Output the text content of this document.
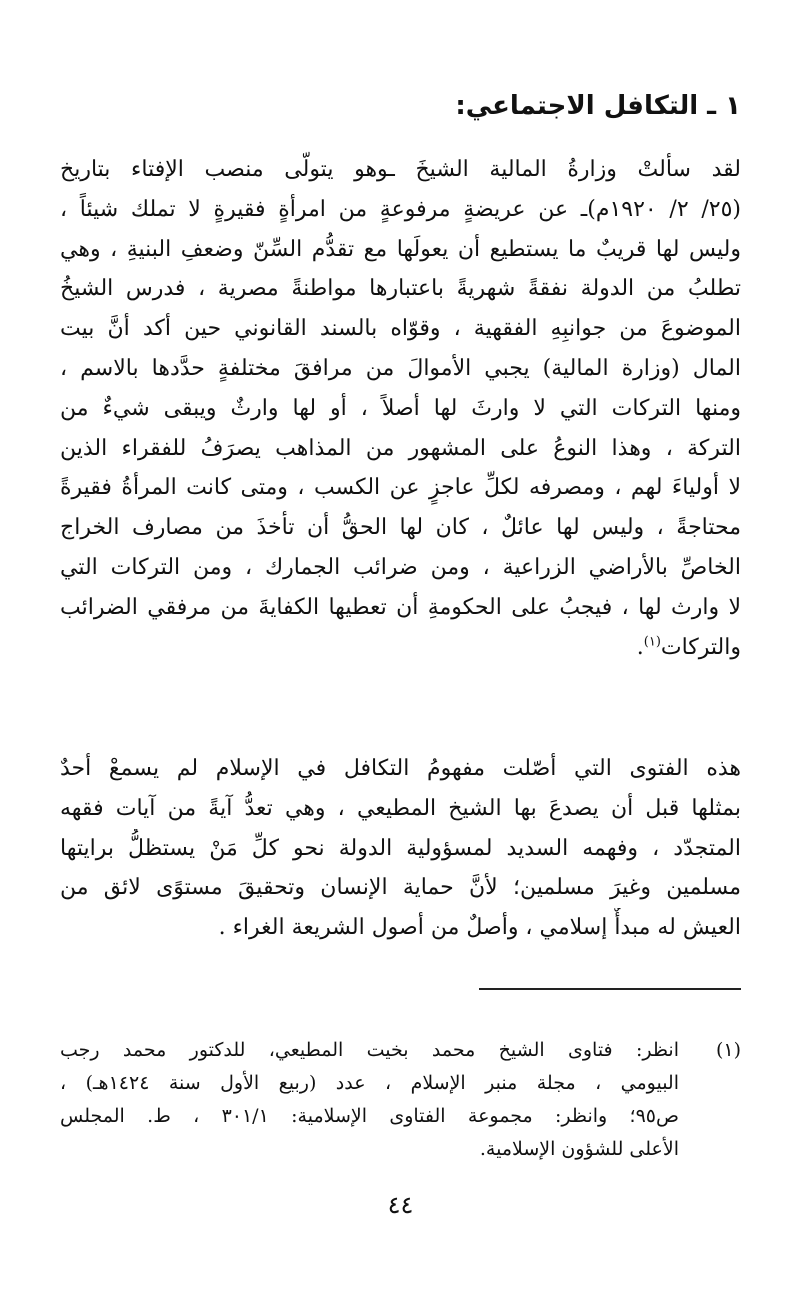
١ ـ التكافل الاجتماعي:
لقد سألتْ وزارةُ المالية الشيخَ ـوهو يتولّى منصب الإفتاء بتاريخ
(٢٥/ ٢/ ١٩٢٠م)ـ عن عريضةٍ مرفوعةٍ من امرأةٍ فقيرةٍ لا تملك شيئاً ،
وليس لها قريبٌ ما يستطيع أن يعولَها مع تقدُّم السِّنّ وضعفِ البنيةِ ، وهي
تطلبُ من الدولة نفقةً شهريةً باعتبارها مواطنةً مصرية ، فدرس الشيخُ
الموضوعَ من جوانبِهِ الفقهية ، وقوّاه بالسند القانوني حين أكد أنَّ بيت
المال (وزارة المالية) يجبي الأموالَ من مرافقَ مختلفةٍ حدَّدها بالاسم ،
ومنها التركات التي لا وارثَ لها أصلاً ، أو لها وارثٌ ويبقى شيءٌ من
التركة ، وهذا النوعُ على المشهور من المذاهب يصرَفُ للفقراء الذين
لا أولياءَ لهم ، ومصرفه لكلِّ عاجزٍ عن الكسب ، ومتى كانت المرأةُ فقيرةً
محتاجةً ، وليس لها عائلٌ ، كان لها الحقُّ أن تأخذَ من مصارف الخراج
الخاصِّ بالأراضي الزراعية ، ومن ضرائب الجمارك ، ومن التركات التي
لا وارث لها ، فيجبُ على الحكومةِ أن تعطيها الكفايةَ من مرفقي الضرائب
والتركات$^{(١)}$.
هذه الفتوى التي أصّلت مفهومُ التكافل في الإسلام لم يسمعْ أحدٌ
بمثلها قبل أن يصدعَ بها الشيخ المطيعي ، وهي تعدُّ آيةً من آيات فقهه
المتجدّد ، وفهمه السديد لمسؤولية الدولة نحو كلِّ مَنْ يستظلُّ برايتها
مسلمين وغيرَ مسلمين؛ لأنَّ حماية الإنسان وتحقيقَ مستوًى لائق من
العيش له مبدأٌ إسلامي ، وأصلٌ من أصول الشريعة الغراء .
(١)
انظر: فتاوى الشيخ محمد بخيت المطيعي، للدكتور محمد رجب
البيومي ، مجلة منبر الإسلام ، عدد (ربيع الأول سنة ١٤٢٤هـ) ،
ص٩٥؛ وانظر: مجموعة الفتاوى الإسلامية: ٣٠١/١ ، ط. المجلس
الأعلى للشؤون الإسلامية.
٤٤
